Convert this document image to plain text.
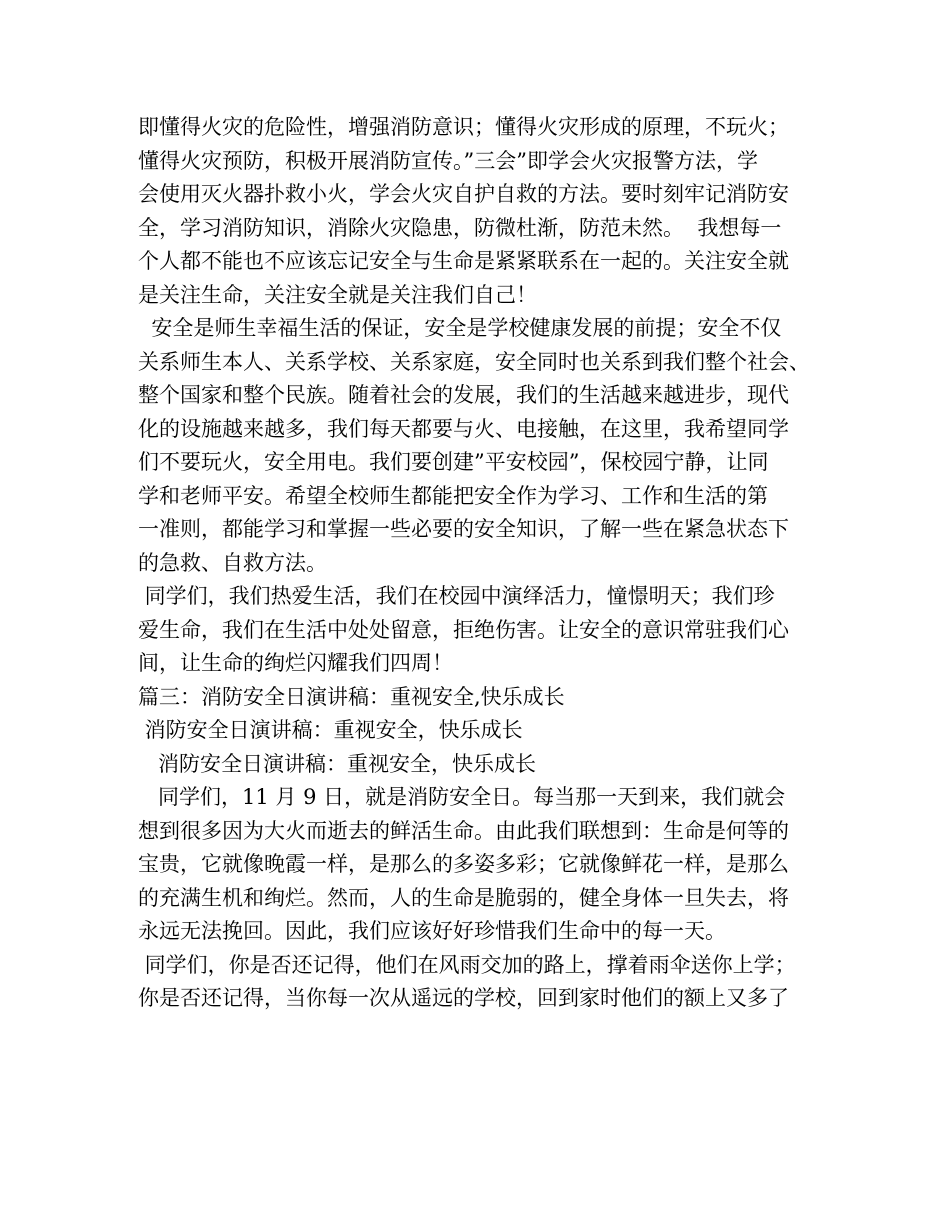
即懂得火灾的危险性，增强消防意识；懂得火灾形成的原理，不玩火；
懂得火灾预防，积极开展消防宣传。”三会”即学会火灾报警方法，学
会使用灭火器扑救小火，学会火灾自护自救的方法。要时刻牢记消防安
全，学习消防知识，消除火灾隐患，防微杜渐，防范未然。  我想每一
个人都不能也不应该忘记安全与生命是紧紧联系在一起的。关注安全就
是关注生命，关注安全就是关注我们自己！
安全是师生幸福生活的保证，安全是学校健康发展的前提；安全不仅
关系师生本人、关系学校、关系家庭，安全同时也关系到我们整个社会、
整个国家和整个民族。随着社会的发展，我们的生活越来越进步，现代
化的设施越来越多，我们每天都要与火、电接触，在这里，我希望同学
们不要玩火，安全用电。我们要创建”平安校园”，保校园宁静，让同
学和老师平安。希望全校师生都能把安全作为学习、工作和生活的第
一准则，都能学习和掌握一些必要的安全知识，了解一些在紧急状态下
的急救、自救方法。
同学们，我们热爱生活，我们在校园中演绎活力，憧憬明天；我们珍
爱生命，我们在生活中处处留意，拒绝伤害。让安全的意识常驻我们心
间，让生命的绚烂闪耀我们四周！
篇三：消防安全日演讲稿：重视安全,快乐成长
消防安全日演讲稿：重视安全，快乐成长
消防安全日演讲稿：重视安全，快乐成长
同学们，11 月 9 日，就是消防安全日。每当那一天到来，我们就会
想到很多因为大火而逝去的鲜活生命。由此我们联想到：生命是何等的
宝贵，它就像晚霞一样，是那么的多姿多彩；它就像鲜花一样，是那么
的充满生机和绚烂。然而，人的生命是脆弱的，健全身体一旦失去，将
永远无法挽回。因此，我们应该好好珍惜我们生命中的每一天。
同学们，你是否还记得，他们在风雨交加的路上，撑着雨伞送你上学；
你是否还记得，当你每一次从遥远的学校，回到家时他们的额上又多了
